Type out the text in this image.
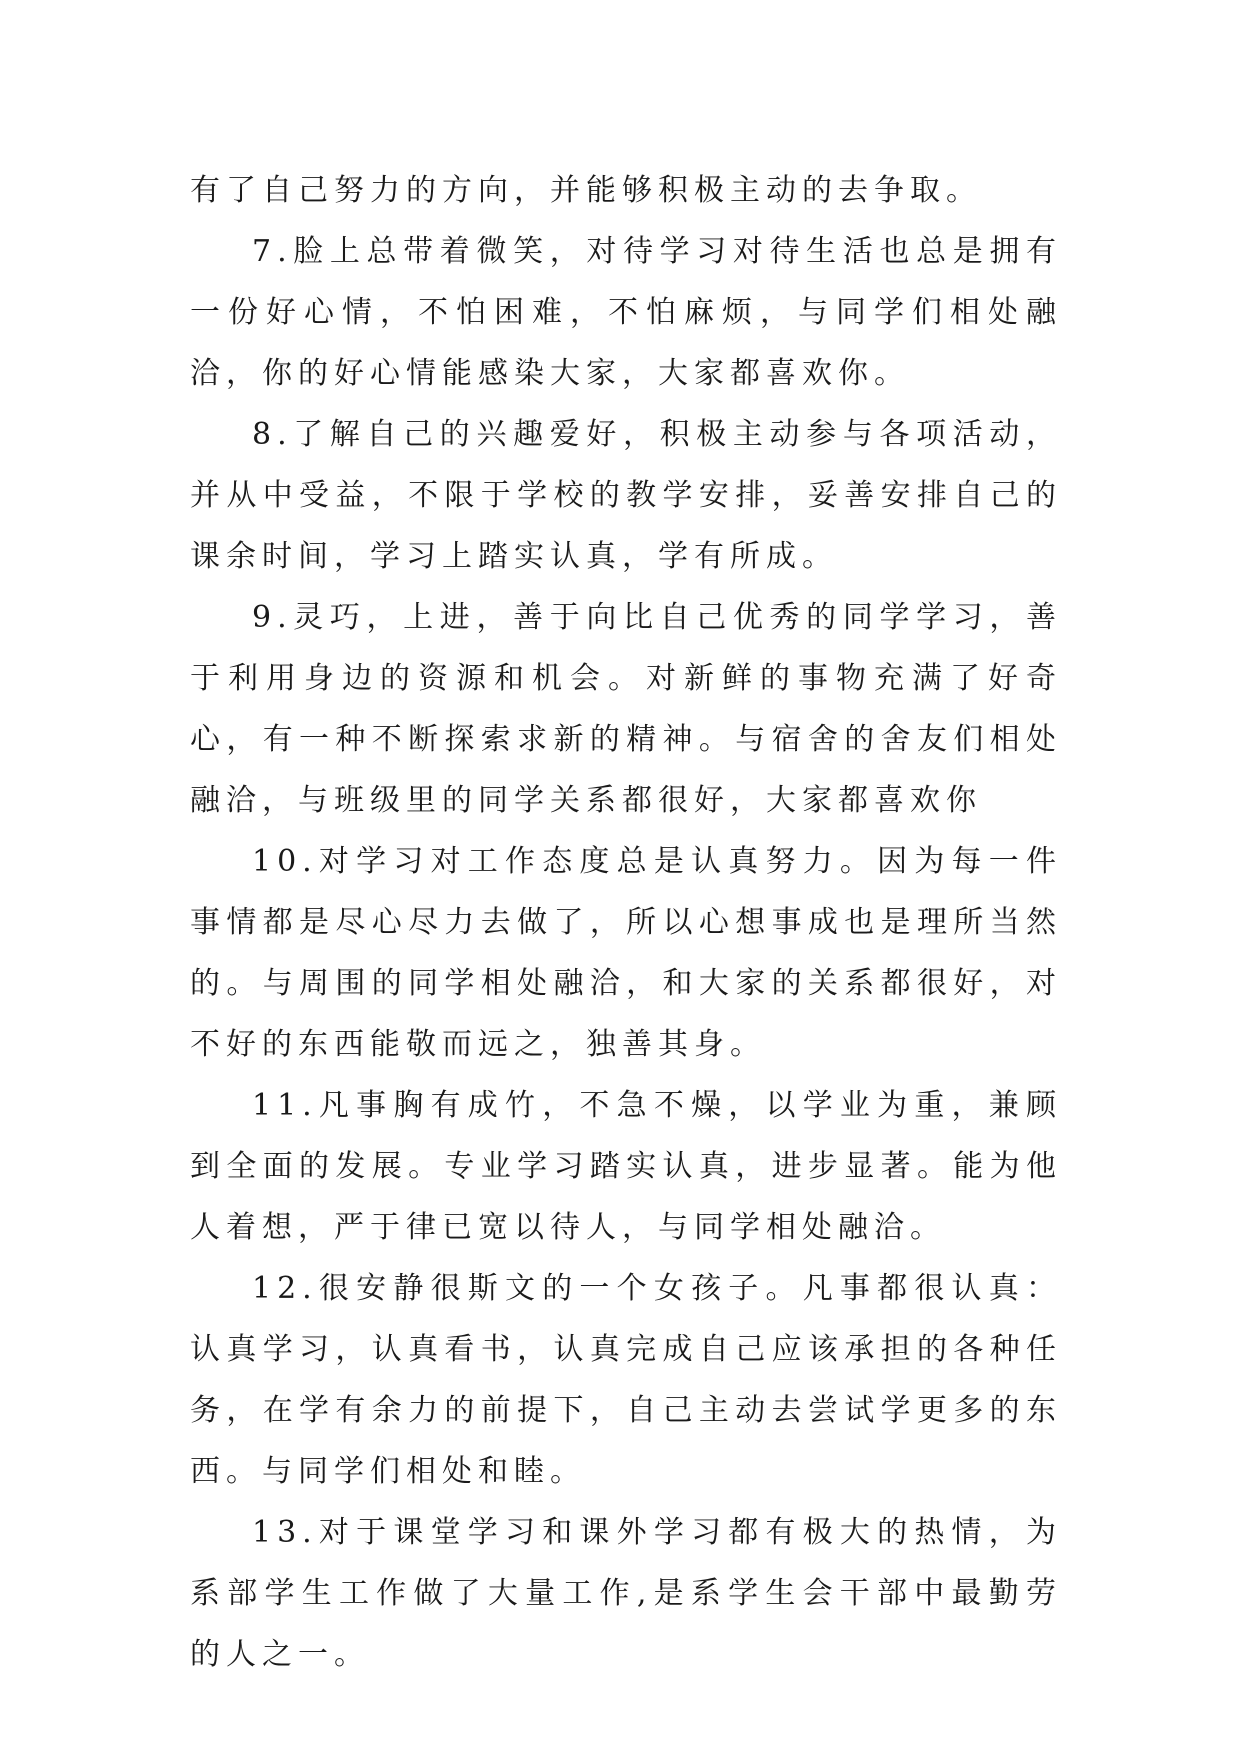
有了自己努力的方向，并能够积极主动的去争取。

7.脸上总带着微笑，对待学习对待生活也总是拥有一份好心情，不怕困难，不怕麻烦，与同学们相处融洽，你的好心情能感染大家，大家都喜欢你。

8.了解自己的兴趣爱好，积极主动参与各项活动，并从中受益，不限于学校的教学安排，妥善安排自己的课余时间，学习上踏实认真，学有所成。

9.灵巧，上进，善于向比自己优秀的同学学习，善于利用身边的资源和机会。对新鲜的事物充满了好奇心，有一种不断探索求新的精神。与宿舍的舍友们相处融洽，与班级里的同学关系都很好，大家都喜欢你

10.对学习对工作态度总是认真努力。因为每一件事情都是尽心尽力去做了，所以心想事成也是理所当然的。与周围的同学相处融洽，和大家的关系都很好，对不好的东西能敬而远之，独善其身。

11.凡事胸有成竹，不急不燥，以学业为重，兼顾到全面的发展。专业学习踏实认真，进步显著。能为他人着想，严于律已宽以待人，与同学相处融洽。

12.很安静很斯文的一个女孩子。凡事都很认真：认真学习，认真看书，认真完成自己应该承担的各种任务，在学有余力的前提下，自己主动去尝试学更多的东西。与同学们相处和睦。

13.对于课堂学习和课外学习都有极大的热情，为系部学生工作做了大量工作,是系学生会干部中最勤劳的人之一。
